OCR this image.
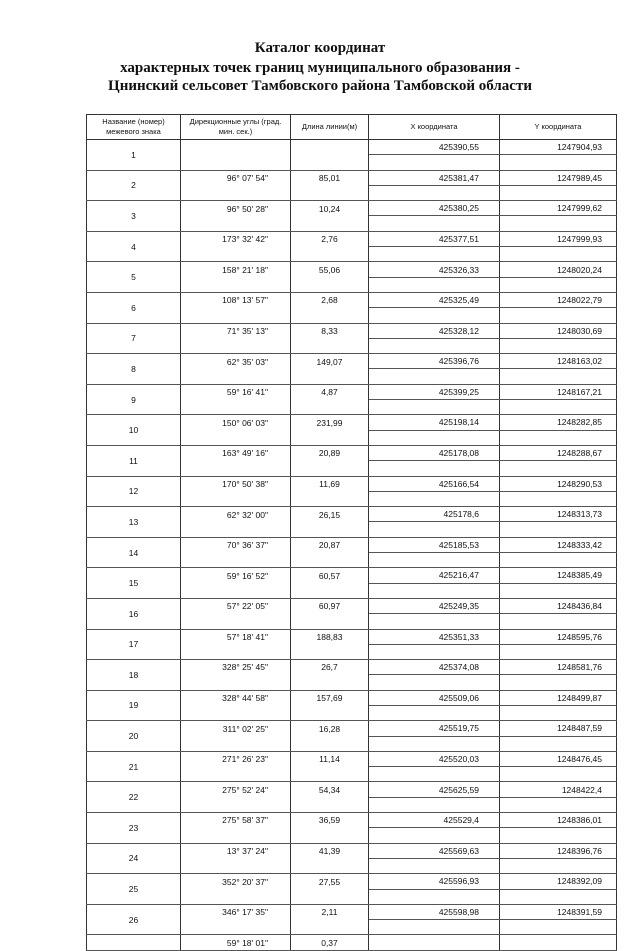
Каталог координат
характерных точек границ муниципального образования -
Цнинский сельсовет Тамбовского района Тамбовской области
Название (номер) межевого знака	Дирекционные углы (град. мин. сек.)	Длина линии(м)	X координата	Y координата
1			425390,55	1247904,93

2	96° 07' 54"	85,01	425381,47	1247989,45

3	96° 50' 28"	10,24	425380,25	1247999,62

4	173° 32' 42"	2,76	425377,51	1247999,93

5	158° 21' 18"	55,06	425326,33	1248020,24

6	108° 13' 57"	2,68	425325,49	1248022,79

7	71° 35' 13"	8,33	425328,12	1248030,69

8	62° 35' 03"	149,07	425396,76	1248163,02

9	59° 16' 41"	4,87	425399,25	1248167,21

10	150° 06' 03"	231,99	425198,14	1248282,85

11	163° 49' 16"	20,89	425178,08	1248288,67

12	170° 50' 38"	11,69	425166,54	1248290,53

13	62° 32' 00"	26,15	425178,6	1248313,73

14	70° 36' 37"	20,87	425185,53	1248333,42

15	59° 16' 52"	60,57	425216,47	1248385,49

16	57° 22' 05"	60,97	425249,35	1248436,84

17	57° 18' 41"	188,83	425351,33	1248595,76

18	328° 25' 45"	26,7	425374,08	1248581,76

19	328° 44' 58"	157,69	425509,06	1248499,87

20	311° 02' 25"	16,28	425519,75	1248487,59

21	271° 26' 23"	11,14	425520,03	1248476,45

22	275° 52' 24"	54,34	425625,59	1248422,4

23	275° 58' 37"	36,59	425529,4	1248386,01

24	13° 37' 24"	41,39	425569,63	1248396,76

25	352° 20' 37"	27,55	425596,93	1248392,09

26	346° 17' 35"	2,11	425598,98	1248391,59

	59° 18' 01"	0,37		
